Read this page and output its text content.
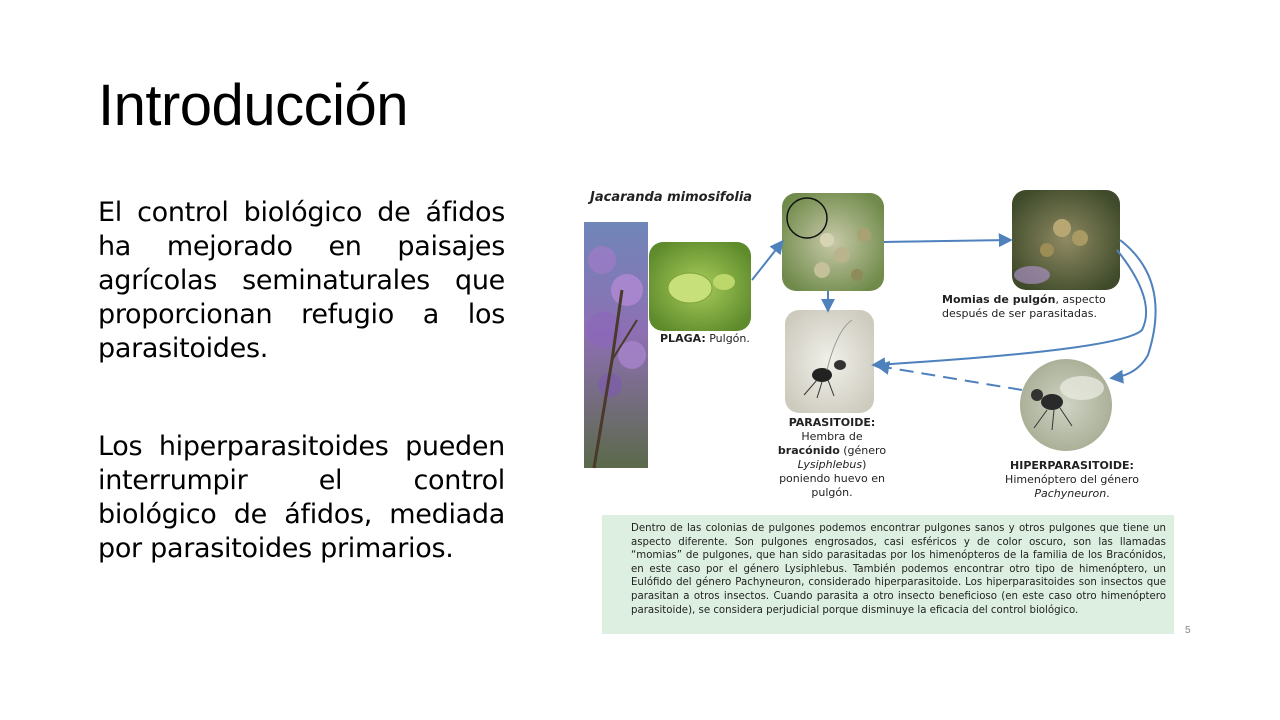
Introducción
El control biológico de áfidos ha mejorado en paisajes agrícolas seminaturales que proporcionan refugio a los parasitoides.
Los hiperparasitoides pueden interrumpir el control biológico de áfidos, mediada por parasitoides primarios.
Jacaranda mimosifolia
PLAGA: Pulgón.
Momias de pulgón, aspecto
después de ser parasitadas.
PARASITOIDE:
Hembra de
bracónido (género
Lysiphlebus)
poniendo huevo en
pulgón.
HIPERPARASITOIDE:
Himenóptero del género
Pachyneuron.
Dentro de las colonias de pulgones podemos encontrar pulgones sanos y otros pulgones que tiene un aspecto diferente. Son pulgones engrosados, casi esféricos y de color oscuro, son las llamadas “momias” de pulgones, que han sido parasitadas por los himenópteros de la familia de los Bracónidos, en este caso por el género Lysiphlebus. También podemos encontrar otro tipo de himenóptero, un Eulófido del género Pachyneuron, considerado hiperparasitoide. Los hiperparasitoides son insectos que parasitan a otros insectos. Cuando parasita a otro insecto beneficioso (en este caso otro himenóptero parasitoide), se considera perjudicial porque disminuye la eficacia del control biológico.
5
